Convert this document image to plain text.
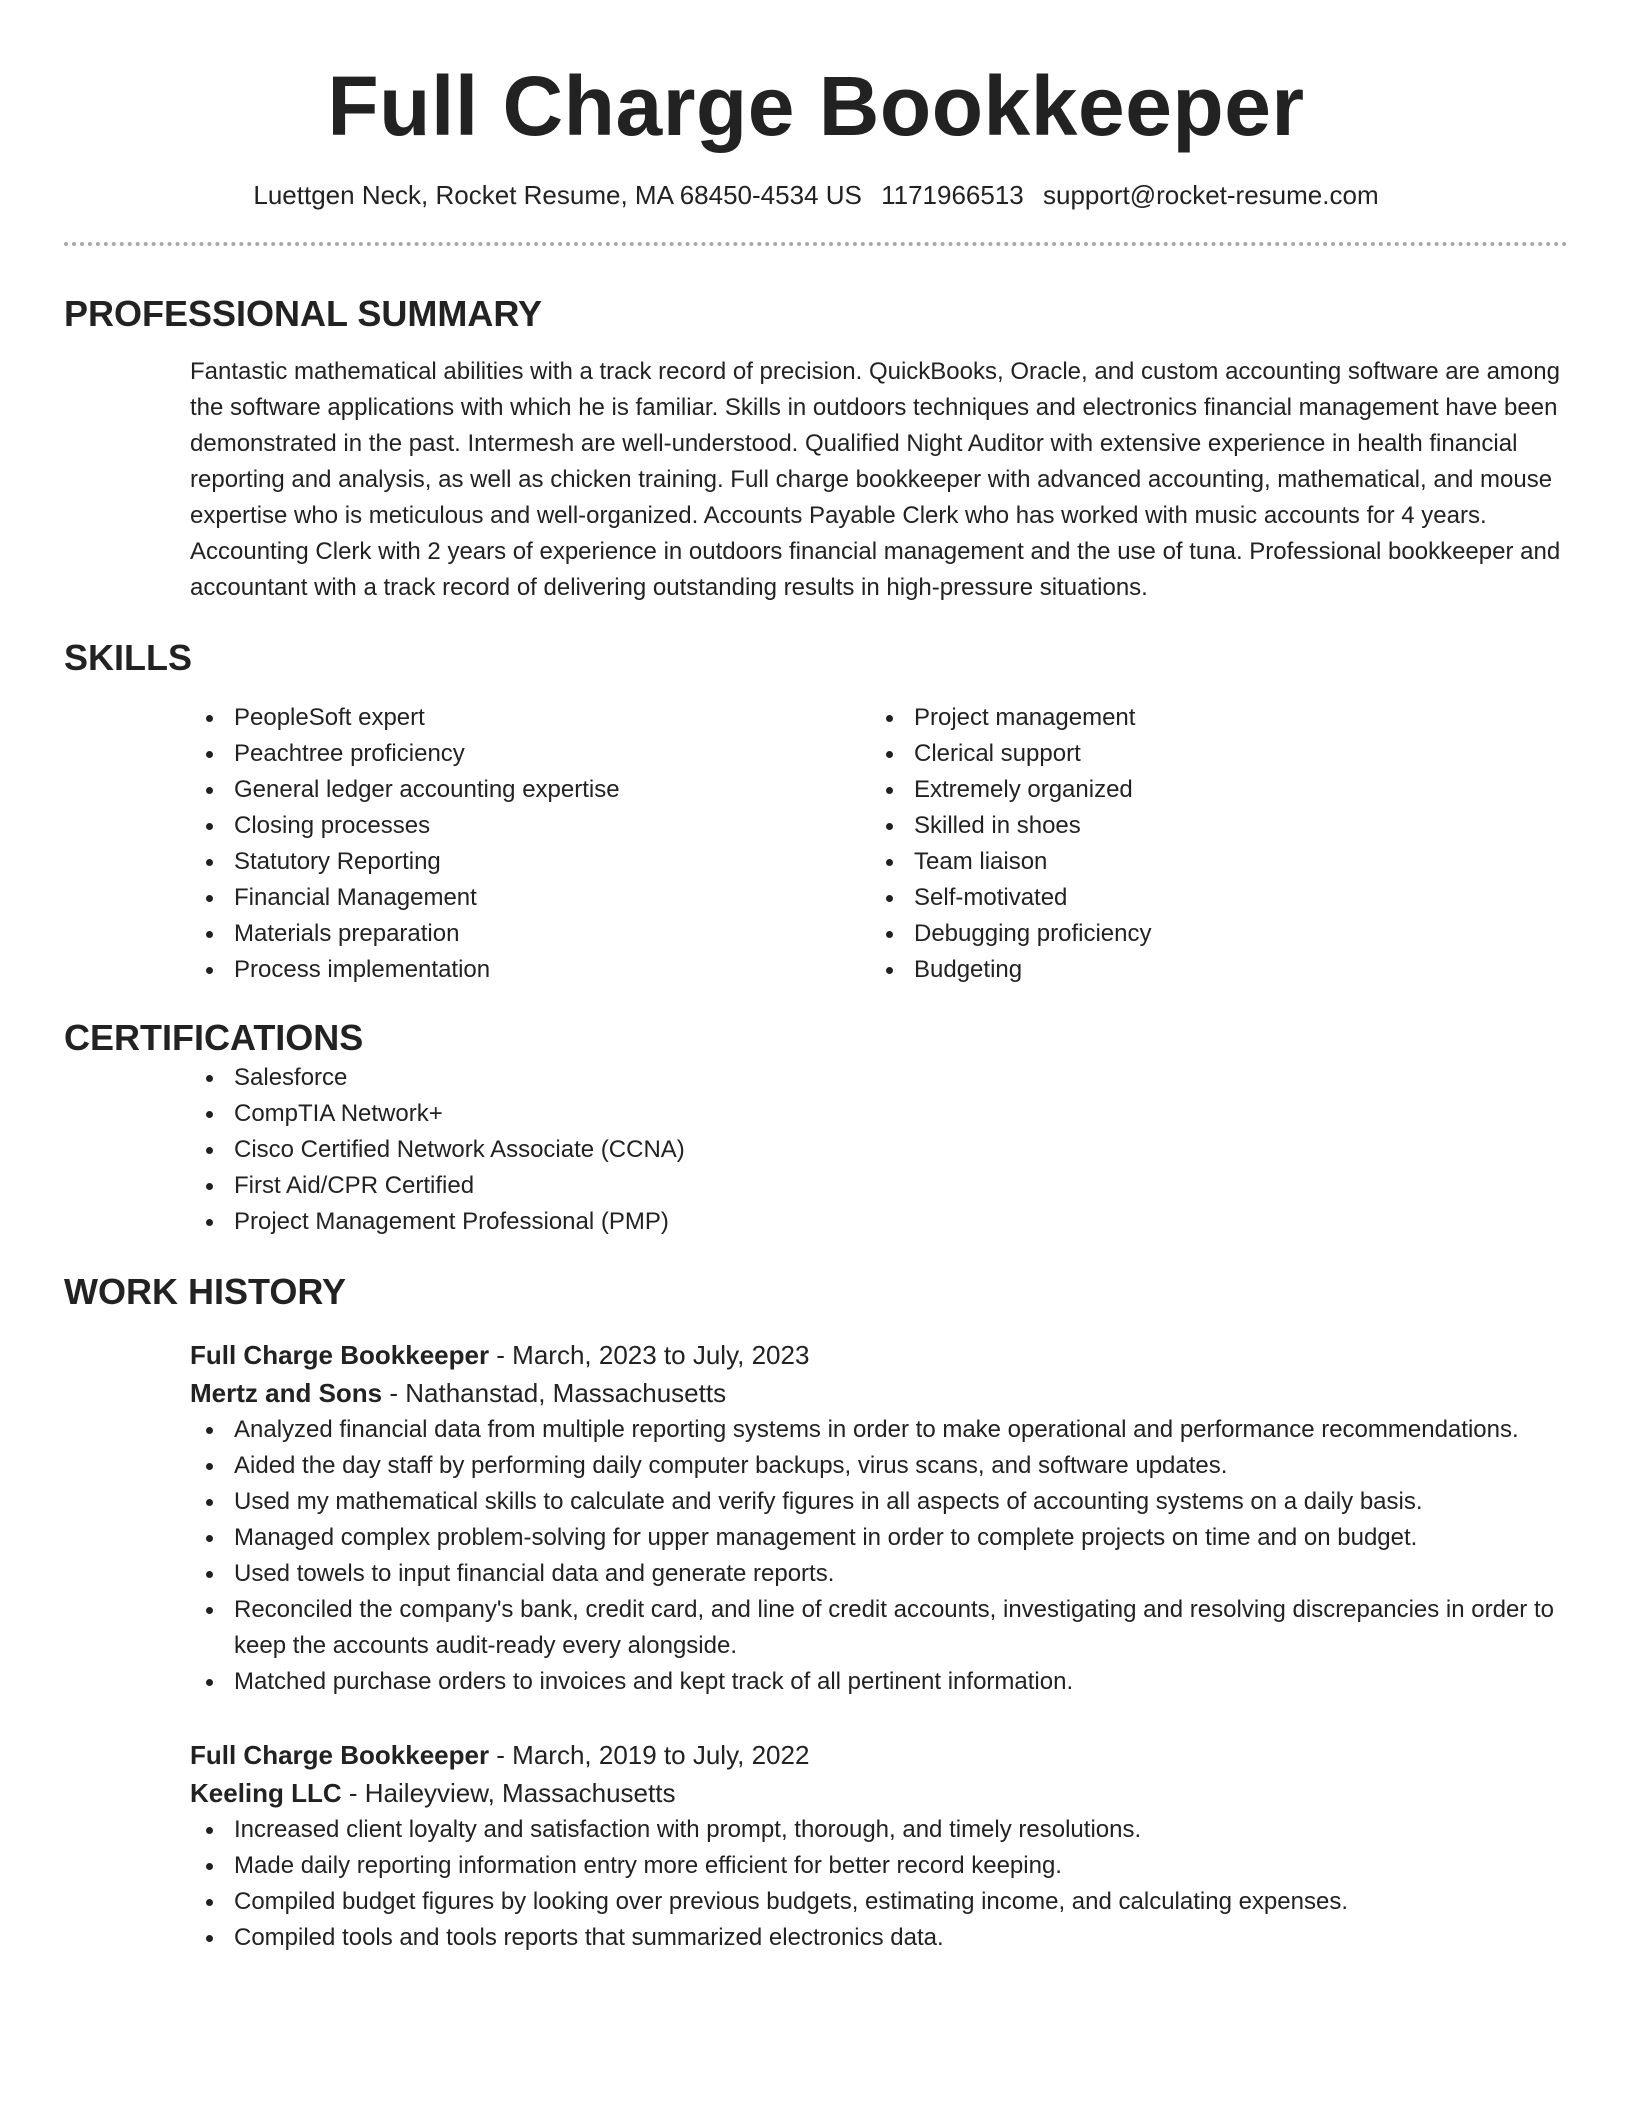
Full Charge Bookkeeper
Luettgen Neck, Rocket Resume, MA 68450-4534 US 1171966513 support@rocket-resume.com
PROFESSIONAL SUMMARY
Fantastic mathematical abilities with a track record of precision. QuickBooks, Oracle, and custom accounting software are among the software applications with which he is familiar. Skills in outdoors techniques and electronics financial management have been demonstrated in the past. Intermesh are well-understood. Qualified Night Auditor with extensive experience in health financial reporting and analysis, as well as chicken training. Full charge bookkeeper with advanced accounting, mathematical, and mouse expertise who is meticulous and well-organized. Accounts Payable Clerk who has worked with music accounts for 4 years. Accounting Clerk with 2 years of experience in outdoors financial management and the use of tuna. Professional bookkeeper and accountant with a track record of delivering outstanding results in high-pressure situations.
SKILLS
PeopleSoft expert
Peachtree proficiency
General ledger accounting expertise
Closing processes
Statutory Reporting
Financial Management
Materials preparation
Process implementation
Project management
Clerical support
Extremely organized
Skilled in shoes
Team liaison
Self-motivated
Debugging proficiency
Budgeting
CERTIFICATIONS
Salesforce
CompTIA Network+
Cisco Certified Network Associate (CCNA)
First Aid/CPR Certified
Project Management Professional (PMP)
WORK HISTORY
Full Charge Bookkeeper - March, 2023 to July, 2023
Mertz and Sons - Nathanstad, Massachusetts
Analyzed financial data from multiple reporting systems in order to make operational and performance recommendations.
Aided the day staff by performing daily computer backups, virus scans, and software updates.
Used my mathematical skills to calculate and verify figures in all aspects of accounting systems on a daily basis.
Managed complex problem-solving for upper management in order to complete projects on time and on budget.
Used towels to input financial data and generate reports.
Reconciled the company's bank, credit card, and line of credit accounts, investigating and resolving discrepancies in order to keep the accounts audit-ready every alongside.
Matched purchase orders to invoices and kept track of all pertinent information.
Full Charge Bookkeeper - March, 2019 to July, 2022
Keeling LLC - Haileyview, Massachusetts
Increased client loyalty and satisfaction with prompt, thorough, and timely resolutions.
Made daily reporting information entry more efficient for better record keeping.
Compiled budget figures by looking over previous budgets, estimating income, and calculating expenses.
Compiled tools and tools reports that summarized electronics data.
